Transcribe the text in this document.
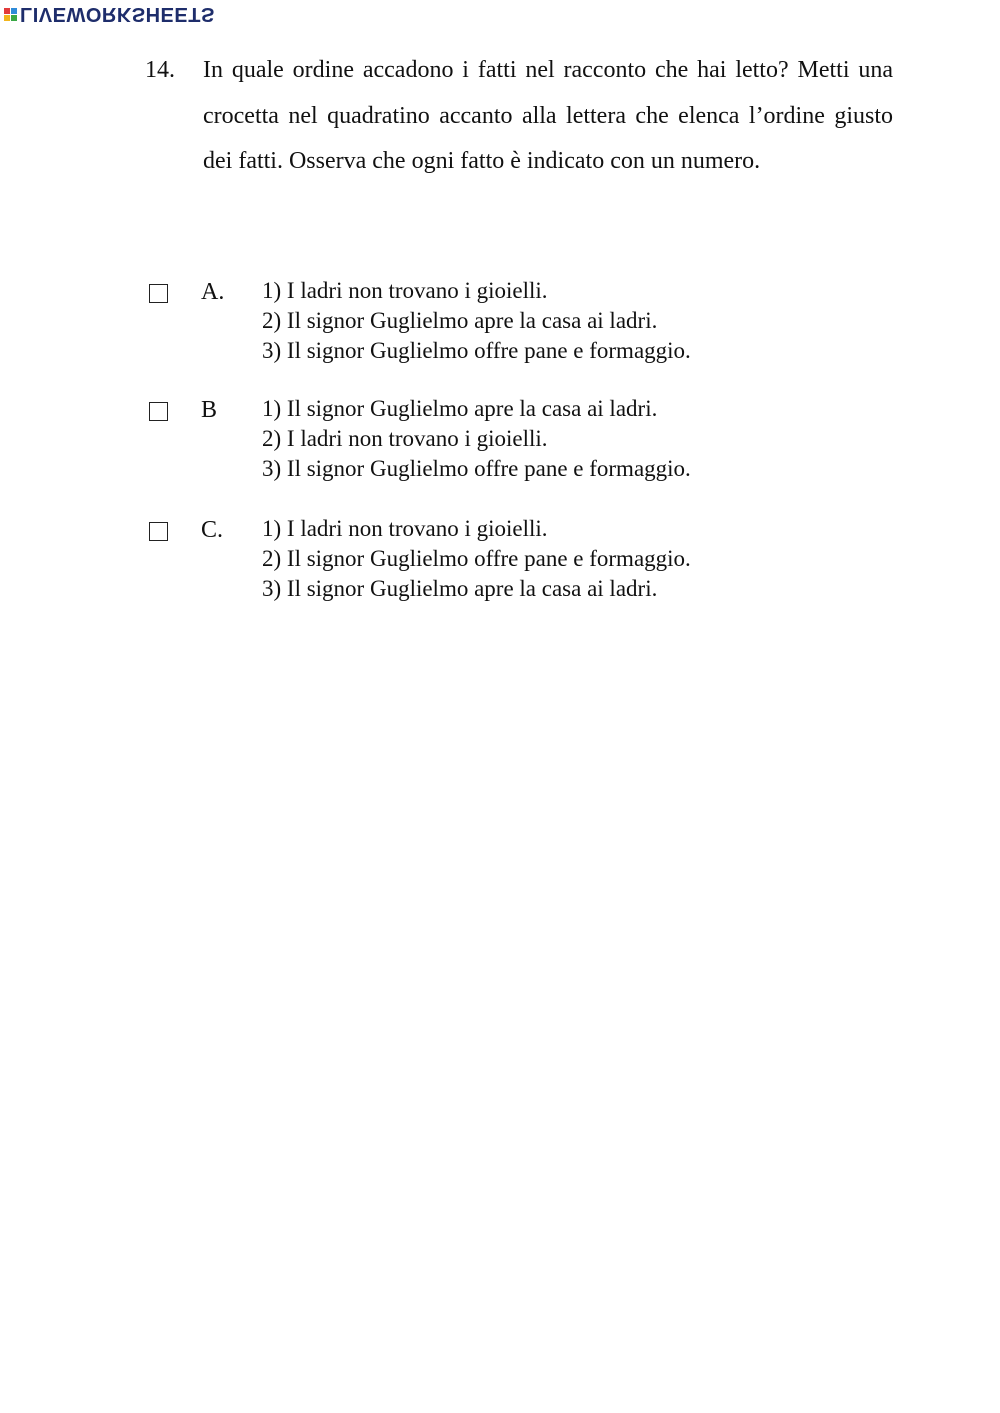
LIVEWORKSHEETS
14. In quale ordine accadono i fatti nel racconto che hai letto? Metti una crocetta nel quadratino accanto alla lettera che elenca l’ordine giusto dei fatti. Osserva che ogni fatto è indicato con un numero.
A. 1) I ladri non trovano i gioielli.
2) Il signor Guglielmo apre la casa ai ladri.
3) Il signor Guglielmo offre pane e formaggio.
B 1) Il signor Guglielmo apre la casa ai ladri.
2) I ladri non trovano i gioielli.
3) Il signor Guglielmo offre pane e formaggio.
C. 1) I ladri non trovano i gioielli.
2) Il signor Guglielmo offre pane e formaggio.
3) Il signor Guglielmo apre la casa ai ladri.
